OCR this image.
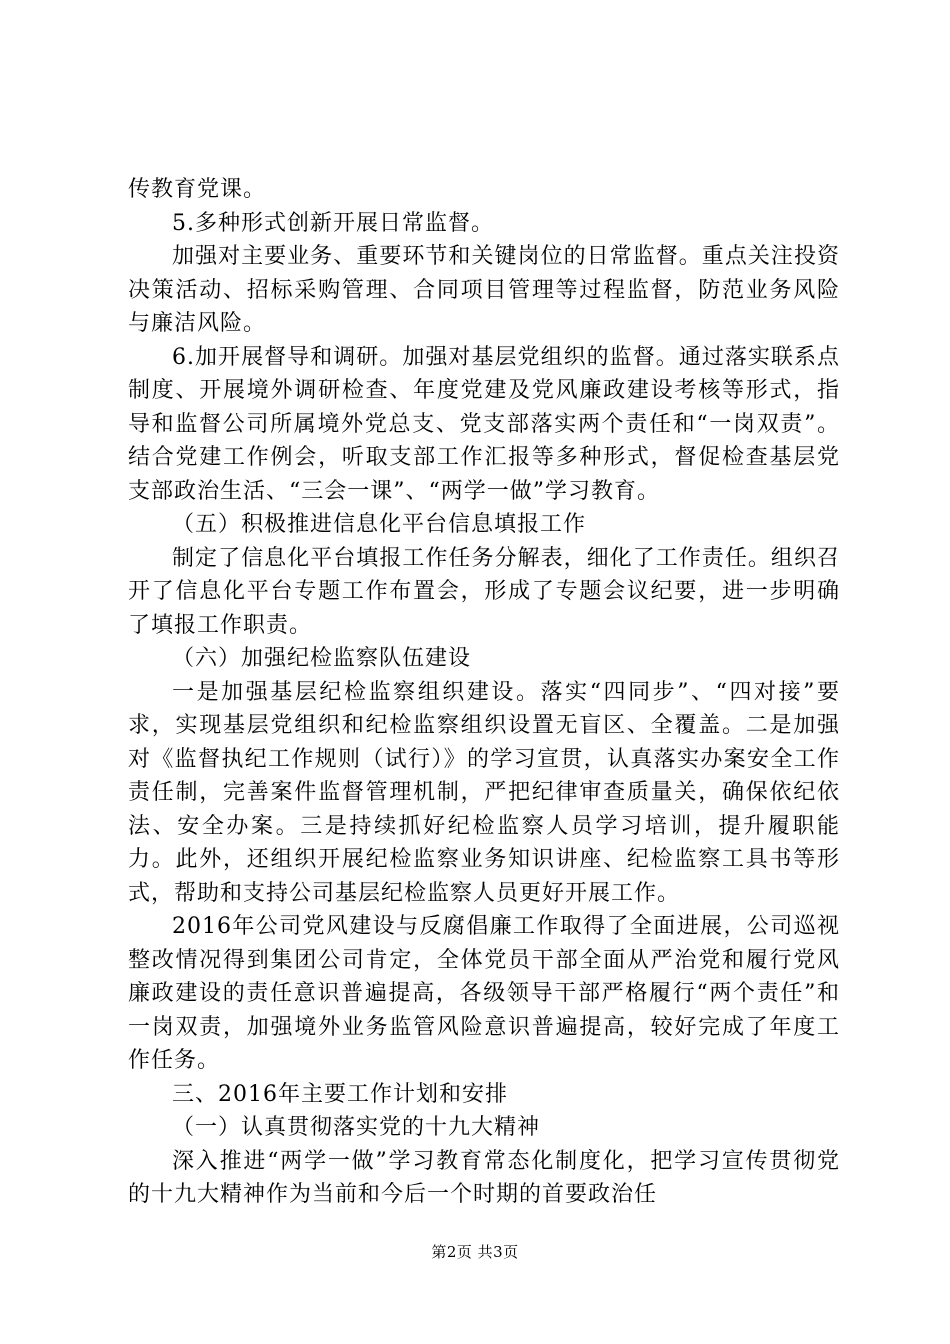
传教育党课。

5.多种形式创新开展日常监督。

加强对主要业务、重要环节和关键岗位的日常监督。重点关注投资决策活动、招标采购管理、合同项目管理等过程监督，防范业务风险与廉洁风险。

6.加开展督导和调研。加强对基层党组织的监督。通过落实联系点制度、开展境外调研检查、年度党建及党风廉政建设考核等形式，指导和监督公司所属境外党总支、党支部落实两个责任和“一岗双责”。结合党建工作例会，听取支部工作汇报等多种形式，督促检查基层党支部政治生活、“三会一课”、“两学一做”学习教育。

（五）积极推进信息化平台信息填报工作

制定了信息化平台填报工作任务分解表，细化了工作责任。组织召开了信息化平台专题工作布置会，形成了专题会议纪要，进一步明确了填报工作职责。

（六）加强纪检监察队伍建设

一是加强基层纪检监察组织建设。落实“四同步”、“四对接”要求，实现基层党组织和纪检监察组织设置无盲区、全覆盖。二是加强对《监督执纪工作规则（试行）》的学习宣贯，认真落实办案安全工作责任制，完善案件监督管理机制，严把纪律审查质量关，确保依纪依法、安全办案。三是持续抓好纪检监察人员学习培训，提升履职能力。此外，还组织开展纪检监察业务知识讲座、纪检监察工具书等形式，帮助和支持公司基层纪检监察人员更好开展工作。

2016年公司党风建设与反腐倡廉工作取得了全面进展，公司巡视整改情况得到集团公司肯定，全体党员干部全面从严治党和履行党风廉政建设的责任意识普遍提高，各级领导干部严格履行“两个责任”和一岗双责，加强境外业务监管风险意识普遍提高，较好完成了年度工作任务。

三、2016年主要工作计划和安排

（一）认真贯彻落实党的十九大精神

深入推进“两学一做”学习教育常态化制度化，把学习宣传贯彻党的十九大精神作为当前和今后一个时期的首要政治任

第2页 共3页
